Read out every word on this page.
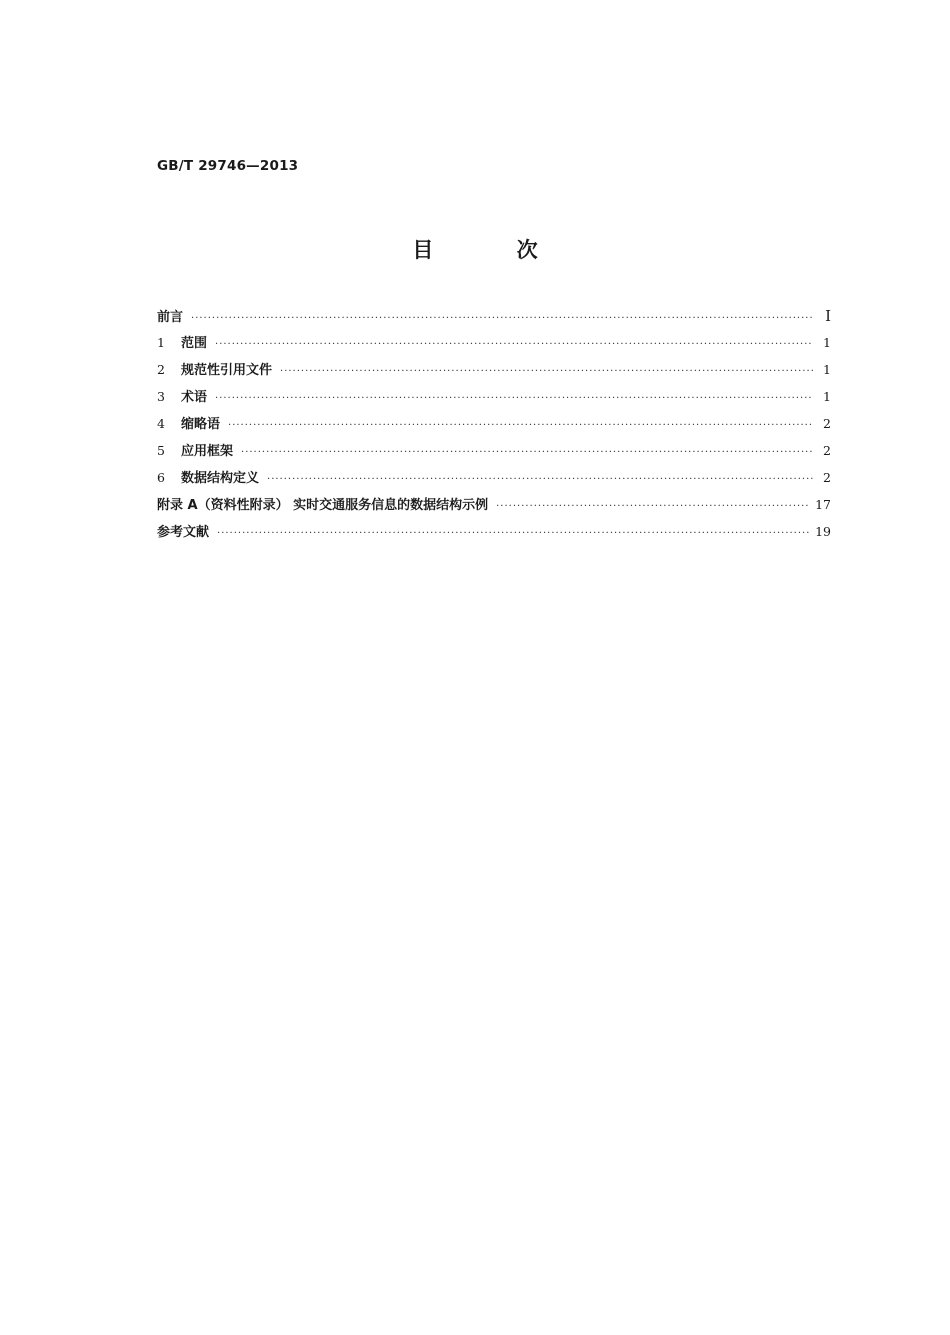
GB/T 29746—2013
目 次
前言 ·····	Ⅰ
1	范围 ·····	1
2	规范性引用文件 ·····	1
3	术语 ·····	1
4	缩略语 ·····	2
5	应用框架 ·····	2
6	数据结构定义 ·····	2
附录 A（资料性附录） 实时交通服务信息的数据结构示例 ·····	17
参考文献 ·····	19
